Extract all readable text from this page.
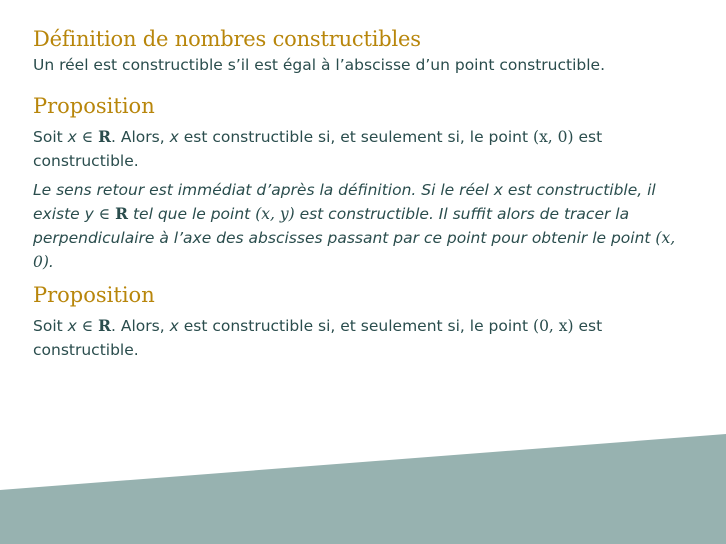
Définition de nombres constructibles

Un réel est constructible s’il est égal à l’abscisse d’un point constructible.

Proposition

Soit x ∈ R. Alors, x est constructible si, et seulement si, le point (x, 0) est constructible.

Le sens retour est immédiat d’après la définition. Si le réel x est constructible, il existe y ∈ R tel que le point (x, y) est constructible. Il suffit alors de tracer la perpendiculaire à l’axe des abscisses passant par ce point pour obtenir le point (x, 0).

Proposition

Soit x ∈ R. Alors, x est constructible si, et seulement si, le point (0, x) est constructible.
